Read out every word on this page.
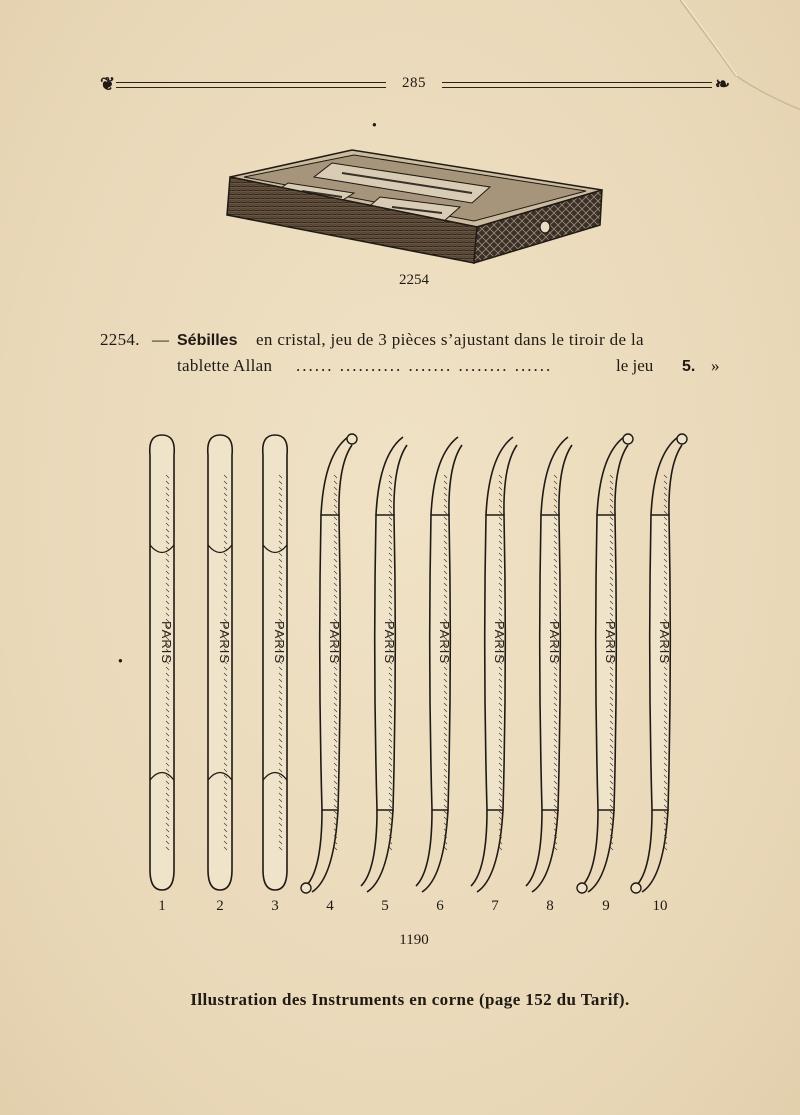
❦	285	❧
2254
2254. — Sébilles en cristal, jeu de 3 pièces s’ajustant dans le tiroir de la
tablette Allan ...... .......... ....... ........ ......	le jeu 5. »
PARIS	PARIS	PARIS	PARIS	PARIS	PARIS	PARIS	PARIS	PARIS	PARIS
1	2	3	4	5	6	7	8	9	10
1190
Illustration des Instruments en corne (page 152 du Tarif).
●
●
